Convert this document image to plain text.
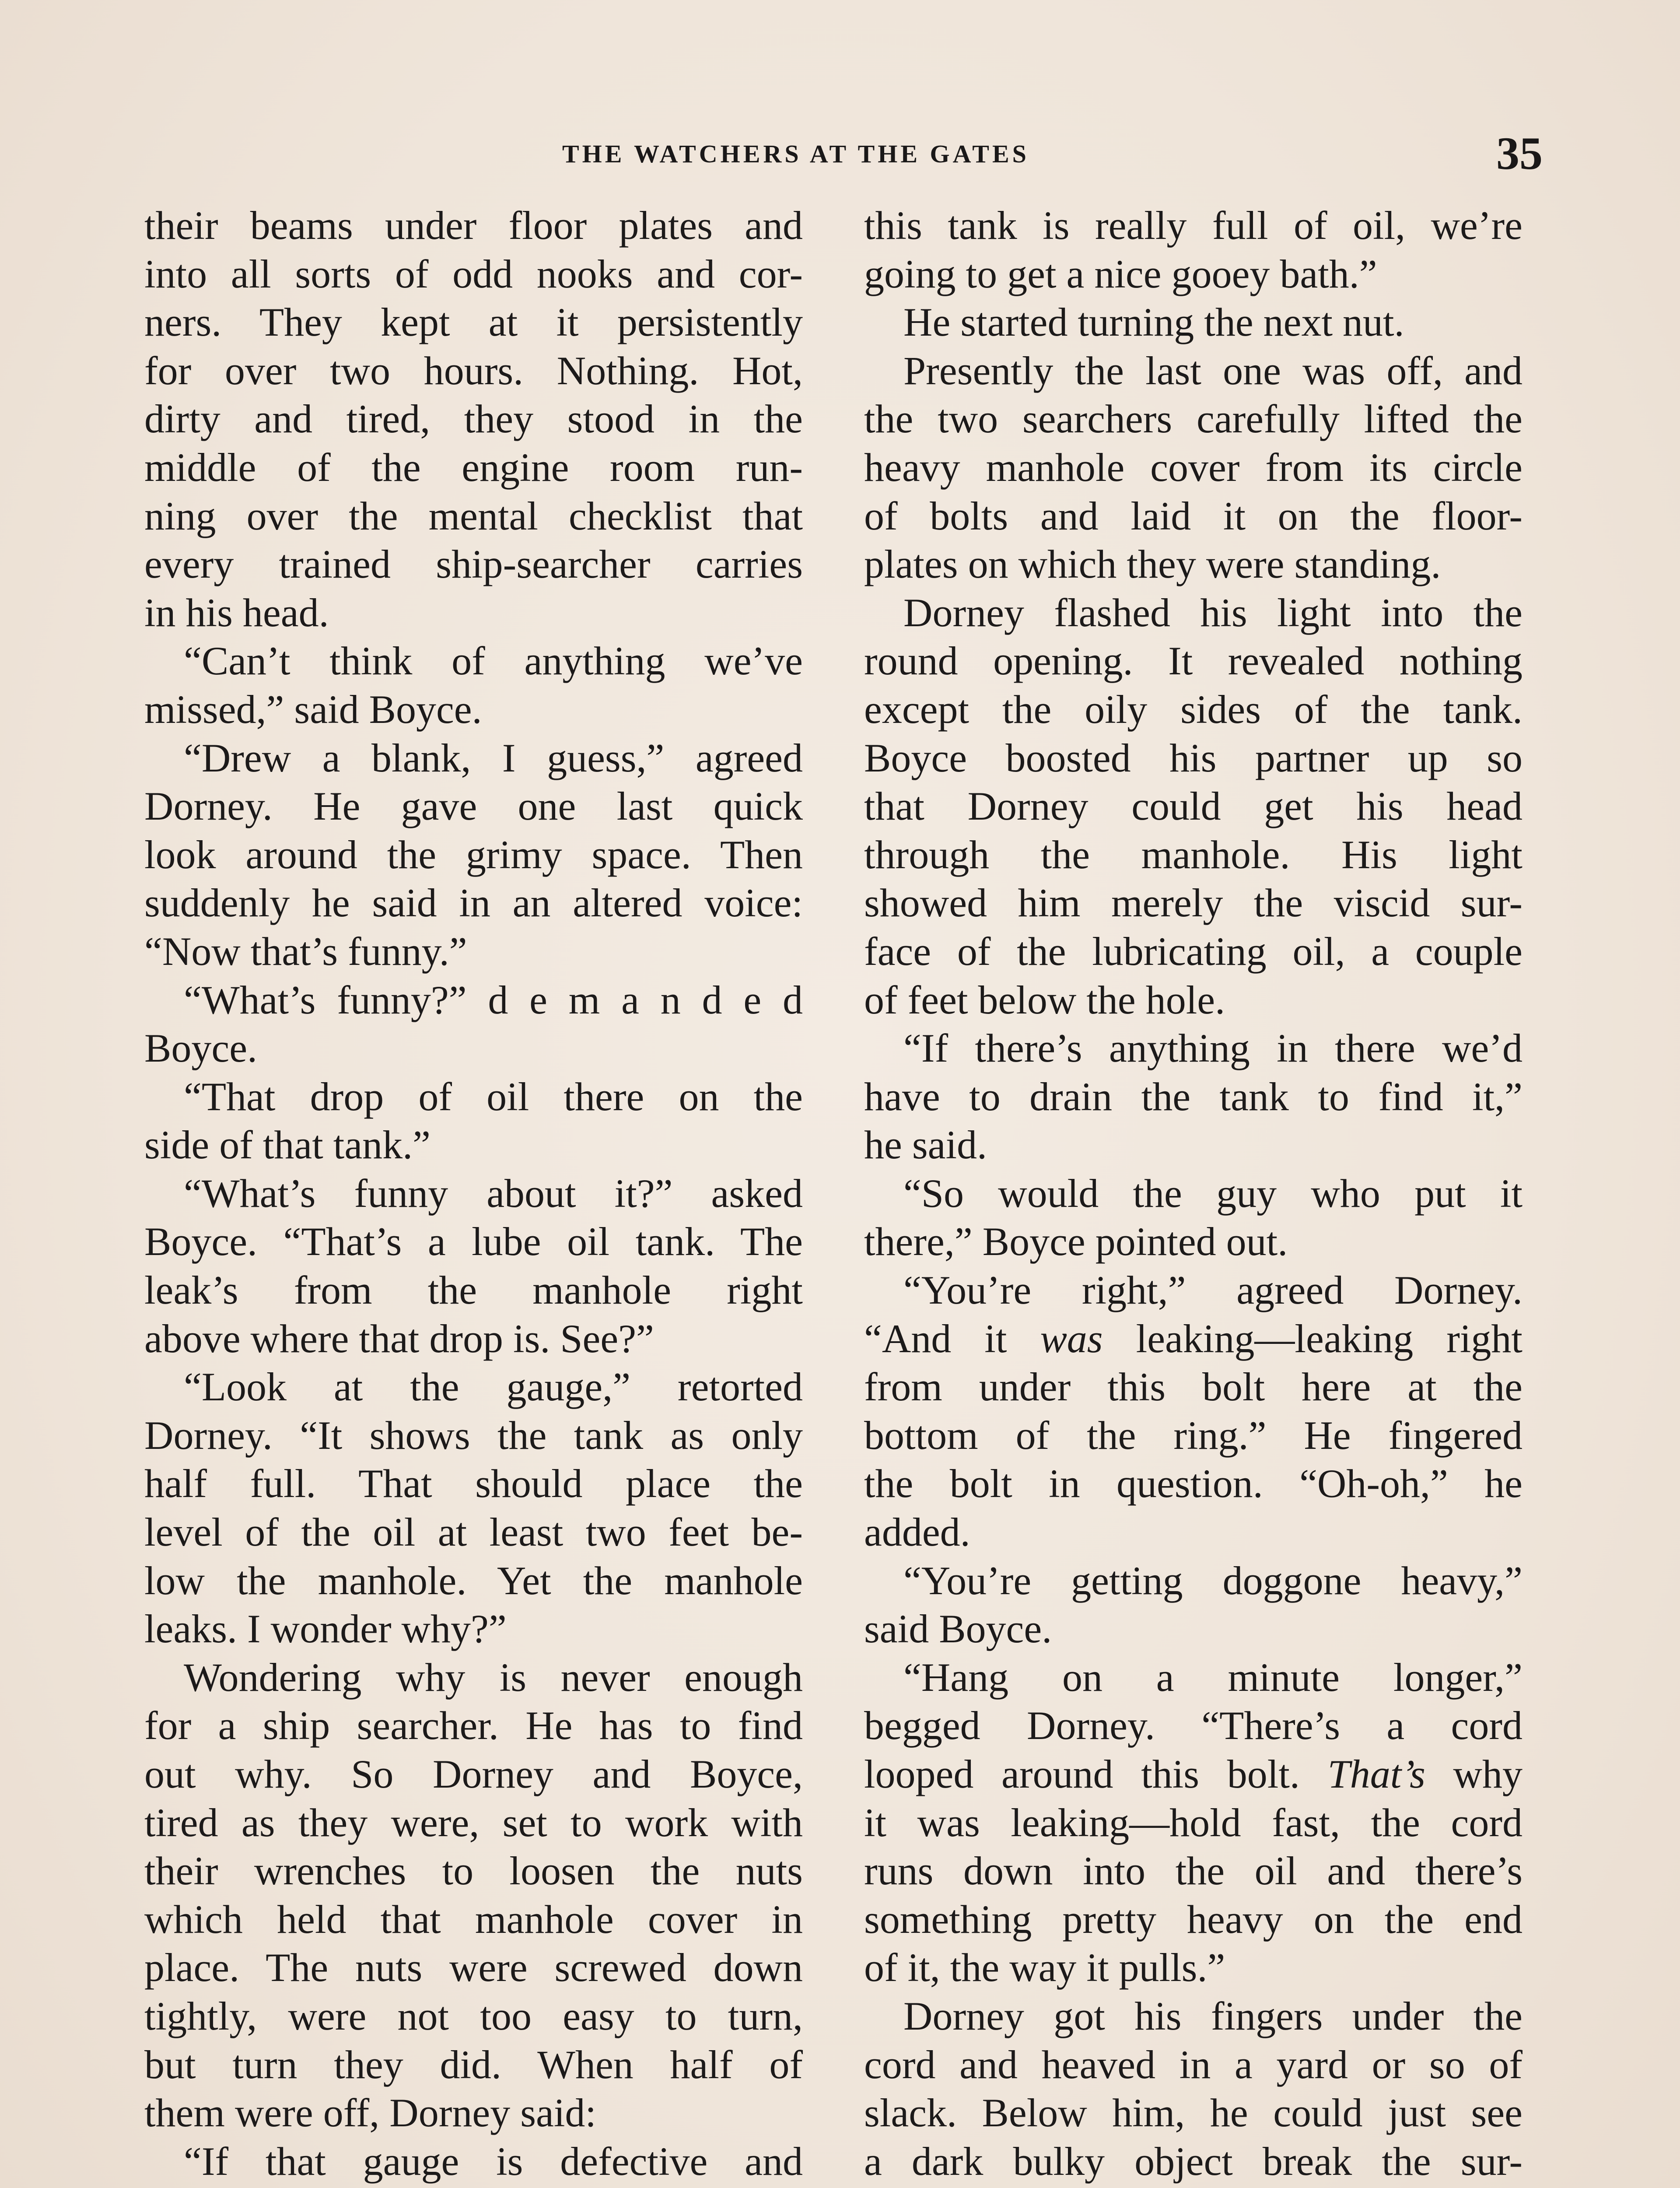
THE WATCHERS AT THE GATES	35
their beams under floor plates and
into all sorts of odd nooks and cor-
ners. They kept at it persistently
for over two hours. Nothing. Hot,
dirty and tired, they stood in the
middle of the engine room run-
ning over the mental checklist that
every trained ship-searcher carries
in his head.
“Can’t think of anything we’ve
missed,” said Boyce.
“Drew a blank, I guess,” agreed
Dorney. He gave one last quick
look around the grimy space. Then
suddenly he said in an altered voice:
“Now that’s funny.”
“What’s funny?” d e m a n d e d
Boyce.
“That drop of oil there on the
side of that tank.”
“What’s funny about it?” asked
Boyce. “That’s a lube oil tank. The
leak’s from the manhole right
above where that drop is. See?”
“Look at the gauge,” retorted
Dorney. “It shows the tank as only
half full. That should place the
level of the oil at least two feet be-
low the manhole. Yet the manhole
leaks. I wonder why?”
Wondering why is never enough
for a ship searcher. He has to find
out why. So Dorney and Boyce,
tired as they were, set to work with
their wrenches to loosen the nuts
which held that manhole cover in
place. The nuts were screwed down
tightly, were not too easy to turn,
but turn they did. When half of
them were off, Dorney said:
“If that gauge is defective and
this tank is really full of oil, we’re
going to get a nice gooey bath.”
He started turning the next nut.
Presently the last one was off, and
the two searchers carefully lifted the
heavy manhole cover from its circle
of bolts and laid it on the floor-
plates on which they were standing.
Dorney flashed his light into the
round opening. It revealed nothing
except the oily sides of the tank.
Boyce boosted his partner up so
that Dorney could get his head
through the manhole. His light
showed him merely the viscid sur-
face of the lubricating oil, a couple
of feet below the hole.
“If there’s anything in there we’d
have to drain the tank to find it,”
he said.
“So would the guy who put it
there,” Boyce pointed out.
“You’re right,” agreed Dorney.
“And it was leaking—leaking right
from under this bolt here at the
bottom of the ring.” He fingered
the bolt in question. “Oh-oh,” he
added.
“You’re getting doggone heavy,”
said Boyce.
“Hang on a minute longer,”
begged Dorney. “There’s a cord
looped around this bolt. That’s why
it was leaking—hold fast, the cord
runs down into the oil and there’s
something pretty heavy on the end
of it, the way it pulls.”
Dorney got his fingers under the
cord and heaved in a yard or so of
slack. Below him, he could just see
a dark bulky object break the sur-
